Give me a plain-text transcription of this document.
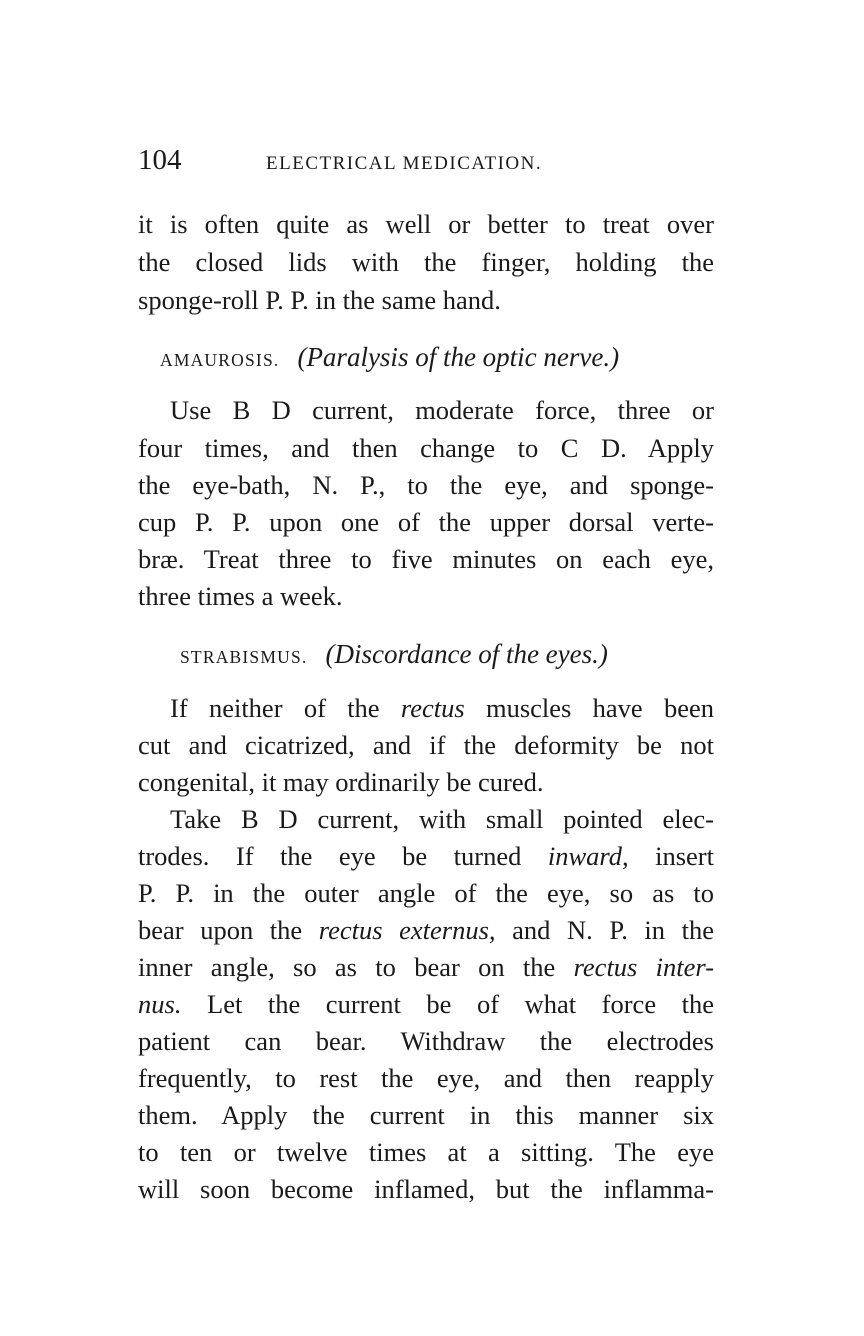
104	ELECTRICAL MEDICATION.
it is often quite as well or better to treat over
the closed lids with the finger, holding the
sponge-roll P. P. in the same hand.
AMAUROSIS. (Paralysis of the optic nerve.)
Use B D current, moderate force, three or
four times, and then change to C D. Apply
the eye-bath, N. P., to the eye, and sponge-
cup P. P. upon one of the upper dorsal verte-
bræ. Treat three to five minutes on each eye,
three times a week.
STRABISMUS. (Discordance of the eyes.)
If neither of the rectus muscles have been
cut and cicatrized, and if the deformity be not
congenital, it may ordinarily be cured.
Take B D current, with small pointed elec-
trodes. If the eye be turned inward, insert
P. P. in the outer angle of the eye, so as to
bear upon the rectus externus, and N. P. in the
inner angle, so as to bear on the rectus inter-
nus. Let the current be of what force the
patient can bear. Withdraw the electrodes
frequently, to rest the eye, and then reapply
them. Apply the current in this manner six
to ten or twelve times at a sitting. The eye
will soon become inflamed, but the inflamma-
